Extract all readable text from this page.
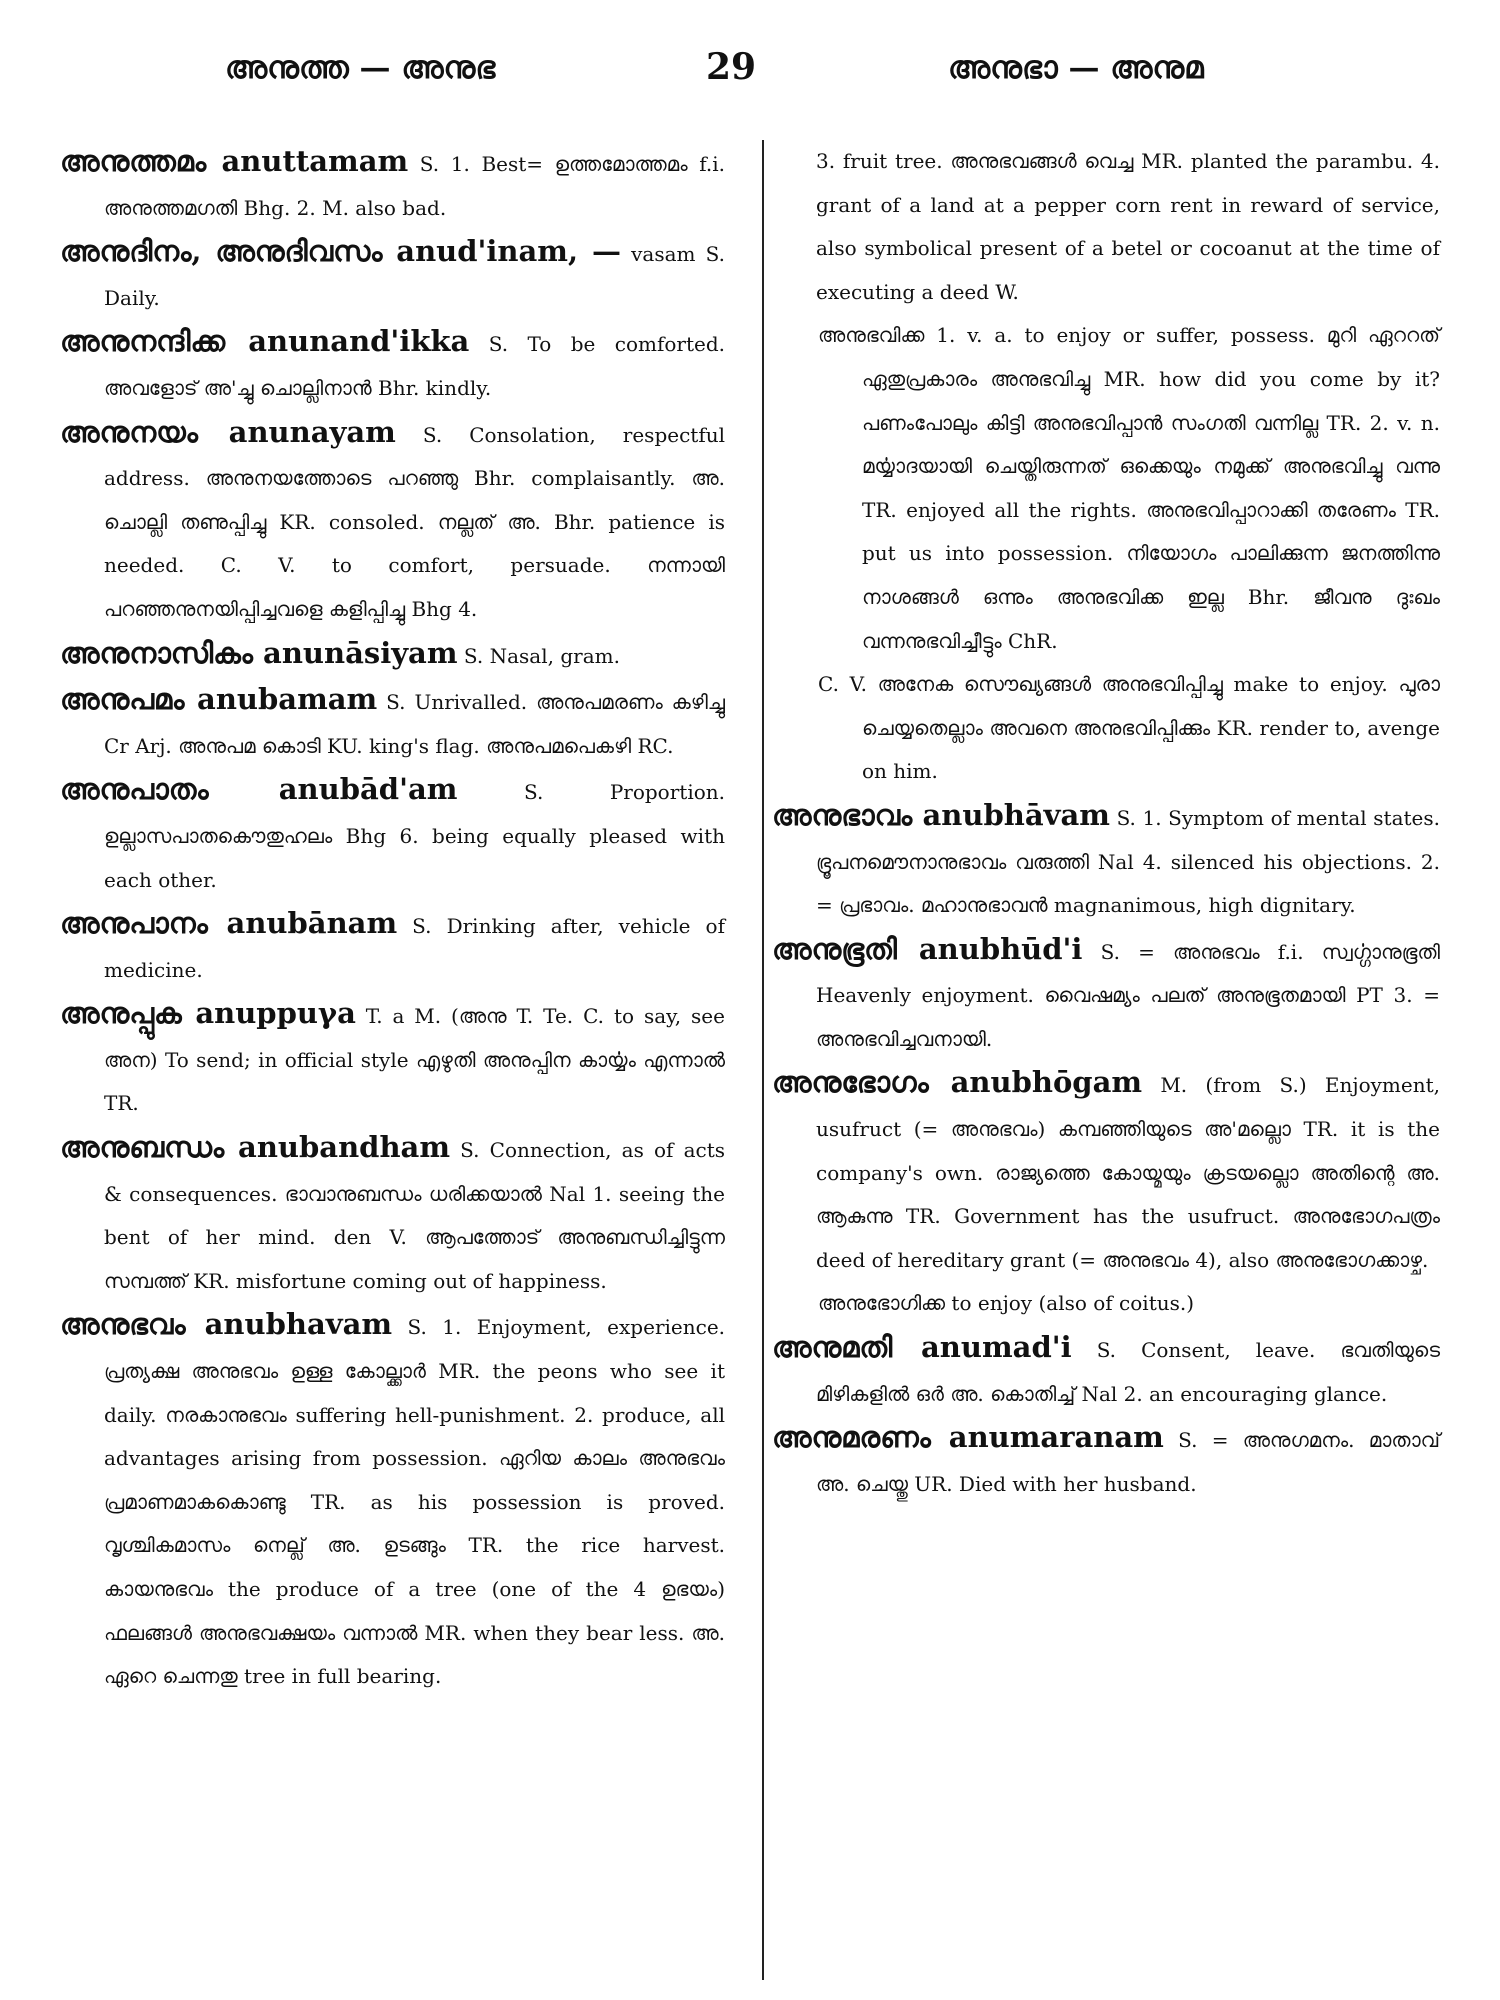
അനുത്ത — അനുഭ	29	അനുഭാ — അനുമ

അനുത്തമം anuttamam S. 1. Best= ഉത്തമോത്തമം f.i. അനുത്തമഗതി Bhg. 2. M. also bad.

അനുദിനം, അനുദിവസം anud'inam, — vasam S. Daily.

അനുനന്ദിക്ക anunand'ikka S. To be comforted. അവളോട് അ'ച്ചു ചൊല്ലിനാൻ Bhr. kindly.

അനുനയം anunayam S. Consolation, respectful address. അനുനയത്തോടെ പറഞ്ഞു Bhr. complaisantly. അ. ചൊല്ലി തണുപ്പിച്ചു KR. consoled. നല്ലത് അ. Bhr. patience is needed. C. V. to comfort, persuade. നന്നായി പറഞ്ഞനുനയിപ്പിച്ചവളെ കളിപ്പിച്ചു Bhg 4.

അനുനാസികം anunāsiyam S. Nasal, gram.

അനുപമം anubamam S. Unrivalled. അനുപമരണം കഴിച്ചു Cr Arj. അനുപമ കൊടി KU. king's flag. അനുപമപെകഴി RC.

അനുപാതം anubād'am S. Proportion. ഉല്ലാസപാതകൌതുഹലം Bhg 6. being equally pleased with each other.

അനുപാനം anubānam S. Drinking after, vehicle of medicine.

അനുപ്പുക anuppuγa T. a M. (അനു T. Te. C. to say, see അന) To send; in official style എഴുതി അനുപ്പിന കാൎയ്യം എന്നാൽ TR.

അനുബന്ധം anubandham S. Connection, as of acts & consequences. ഭാവാനുബന്ധം ധരിക്കയാൽ Nal 1. seeing the bent of her mind. den V. ആപത്തോട് അനുബന്ധിച്ചിട്ടുന്ന സമ്പത്ത് KR. misfortune coming out of happiness.

അനുഭവം anubhavam S. 1. Enjoyment, experience. പ്രത്യക്ഷ അനുഭവം ഉള്ള കോല്ക്കാർ MR. the peons who see it daily. നരകാനുഭവം suffering hell-punishment. 2. produce, all advantages arising from possession. ഏറിയ കാലം അനുഭവം പ്രമാണമാകകൊണ്ടു TR. as his possession is proved. വൃശ്ചികമാസം നെല്ല് അ. ഉടങ്ങും TR. the rice harvest. കായനുഭവം the produce of a tree (one of the 4 ഉഭയം) ഫലങ്ങൾ അനുഭവക്ഷയം വന്നാൽ MR. when they bear less. അ. ഏറെ ചെന്നതു tree in full bearing.

3. fruit tree. അനുഭവങ്ങൾ വെച്ച MR. planted the parambu. 4. grant of a land at a pepper corn rent in reward of service, also symbolical present of a betel or cocoanut at the time of executing a deed W.

അനുഭവിക്ക 1. v. a. to enjoy or suffer, possess. മുറി ഏററത് ഏതുപ്രകാരം അനുഭവിച്ചു MR. how did you come by it? പണംപോലും കിട്ടി അനുഭവിപ്പാൻ സംഗതി വന്നില്ല TR. 2. v. n. മൎയ്യാദയായി ചെയ്തിരുന്നത് ഒക്കെയും നമുക്ക് അനുഭവിച്ചു വന്നു TR. enjoyed all the rights. അനുഭവിപ്പാറാക്കി തരേണം TR. put us into possession. നിയോഗം പാലിക്കുന്ന ജനത്തിന്നു നാശങ്ങൾ ഒന്നും അനുഭവിക്ക ഇല്ല Bhr. ജീവനു ദുഃഖം വന്നനുഭവിച്ചീട്ടും ChR.

C. V. അനേക സൌഖ്യങ്ങൾ അനുഭവിപ്പിച്ചു make to enjoy. പുരാ ചെയ്യതെല്ലാം അവനെ അനുഭവിപ്പിക്കും KR. render to, avenge on him.

അനുഭാവം anubhāvam S. 1. Symptom of mental states. ഭ്രൂപനമൌനാനുഭാവം വരുത്തി Nal 4. silenced his objections. 2. = പ്രഭാവം. മഹാനുഭാവൻ magnanimous, high dignitary.

അനുഭൂതി anubhūd'i S. = അനുഭവം f.i. സ്വൎഗ്ഗാനുഭൂതി Heavenly enjoyment. വൈഷമ്യം പലത് അനുഭൂതമായി PT 3. = അനുഭവിച്ചവനായി.

അനുഭോഗം anubhōgam M. (from S.) Enjoyment, usufruct (= അനുഭവം) കമ്പഞ്ഞിയുടെ അ'മല്ലൊ TR. it is the company's own. രാജ്യത്തെ കോയ്മയും ക്രടയല്ലൊ അതിന്റെ അ. ആകുന്നു TR. Government has the usufruct. അനുഭോഗപത്രം deed of hereditary grant (= അനുഭവം 4), also അനുഭോഗക്കാഴ്ച.

അനുഭോഗിക്ക to enjoy (also of coitus.)

അനുമതി anumad'i S. Consent, leave. ഭവതിയുടെ മിഴികളിൽ ഒർ അ. കൊതിച്ച് Nal 2. an encouraging glance.

അനുമരണം anumaranam S. = അനുഗമനം. മാതാവ് അ. ചെയ്തു UR. Died with her husband.
